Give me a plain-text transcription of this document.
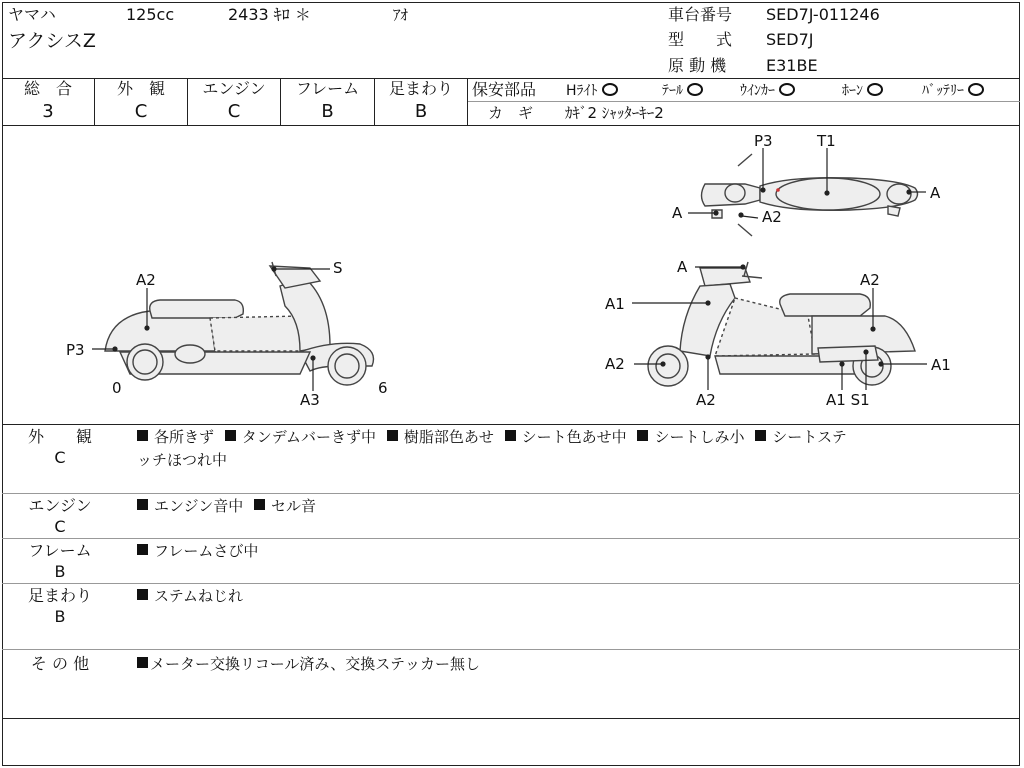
ヤマハ	125cc	2433 ｷﾛ ＊	ｱｵ
アクシスZ
車台番号 SED7J-011246
型　　式 SED7J
原 動 機 E31BE
総　合
3
外　観
C
エンジン
C
フレーム
B
足まわり
B
保安部品 Hﾗｲﾄ	ﾃｰﾙ	ｳｲﾝｶｰ	ﾎｰﾝ	ﾊﾞｯﾃﾘｰ
カ　ギ ｶｷﾞ2 ｼｬｯﾀｰｷｰ2
P3	T1
A
A	A2
A2
S
P3
0
A3
6
A
A1
A2
A2
A2
A1
A1 S1
外　　観
C
各所きず タンデムバーきず中 樹脂部色あせ シート色あせ中 シートしみ小 シートステ
ッチほつれ中
エンジン
C
エンジン音中 セル音
フレーム
B
フレームさび中
足まわり
B
ステムねじれ
そ の 他	メーター交換リコール済み、交換ステッカー無し
